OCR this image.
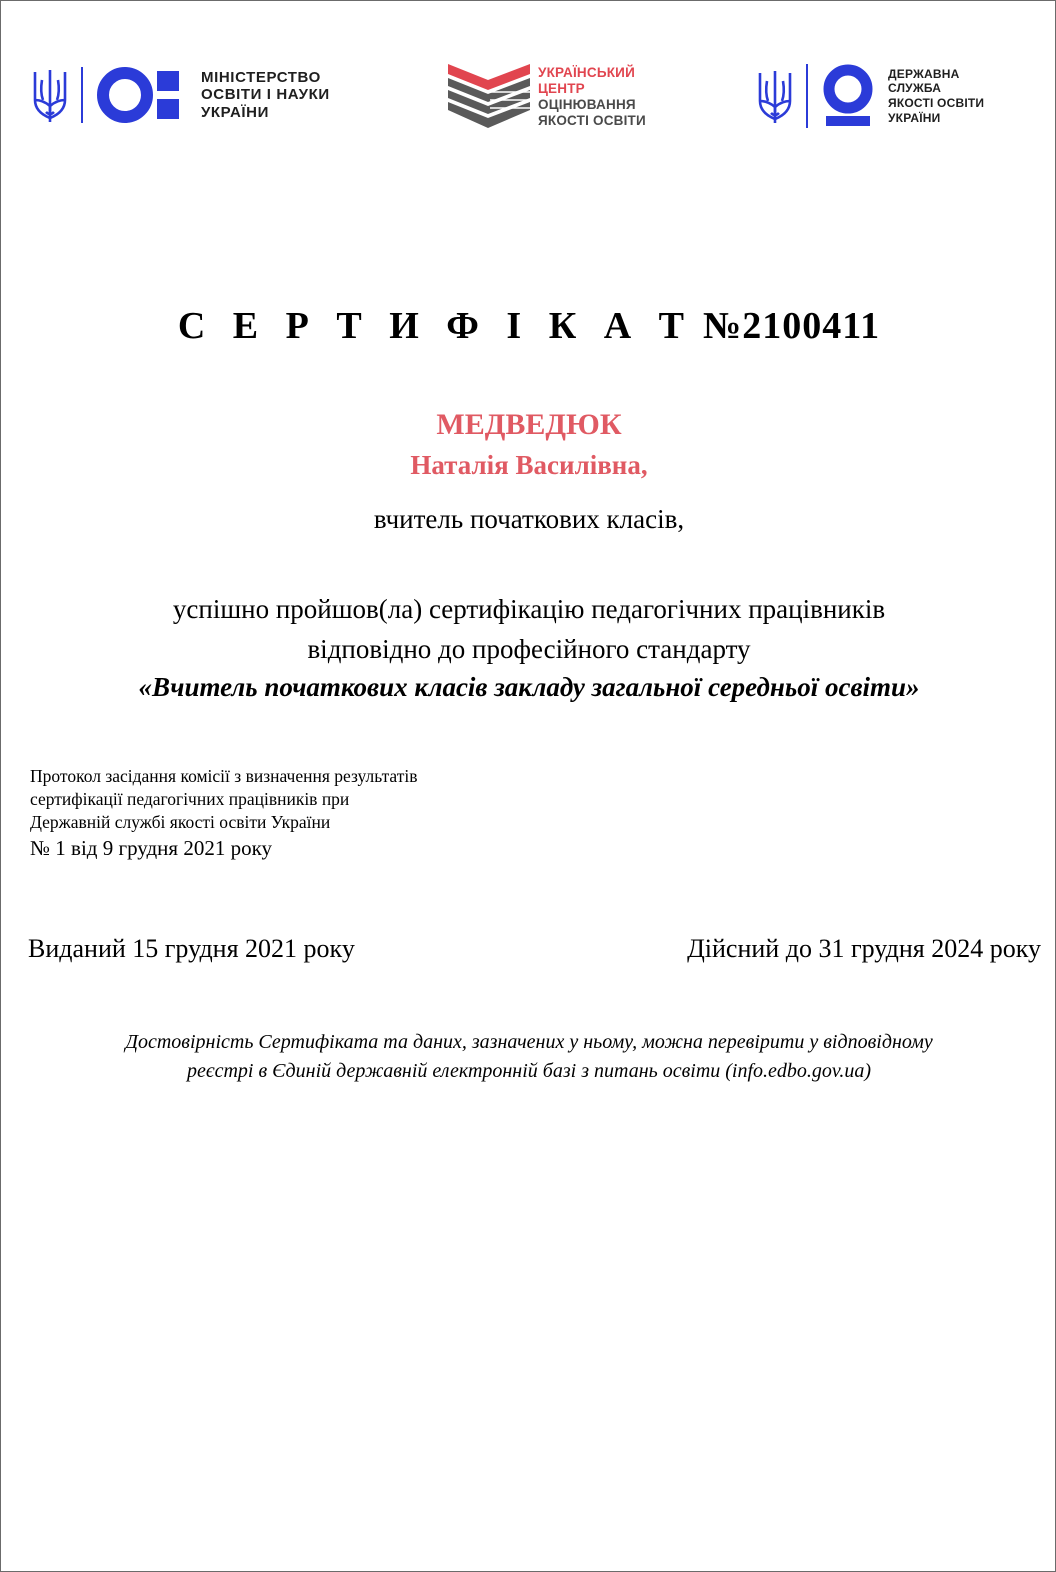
МІНІСТЕРСТВО
ОСВІТИ І НАУКИ
УКРАЇНИ
УКРАЇНСЬКИЙ
ЦЕНТР
ОЦІНЮВАННЯ
ЯКОСТІ ОСВІТИ
ДЕРЖАВНА
СЛУЖБА
ЯКОСТІ ОСВІТИ
УКРАЇНИ
С Е Р Т И Ф І К А Т №2100411
МЕДВЕДЮК
Наталія Василівна,
вчитель початкових класів,
успішно пройшов(ла) сертифікацію педагогічних працівників
відповідно до професійного стандарту
«Вчитель початкових класів закладу загальної середньої освіти»
Протокол засідання комісії з визначення результатів
сертифікації педагогічних працівників при
Державній службі якості освіти України
№ 1 від 9 грудня 2021 року
Виданий 15 грудня 2021 року	Дійсний до 31 грудня 2024 року
Достовірність Сертифіката та даних, зазначених у ньому, можна перевірити у відповідному
реєстрі в Єдиній державній електронній базі з питань освіти (info.edbo.gov.ua)
